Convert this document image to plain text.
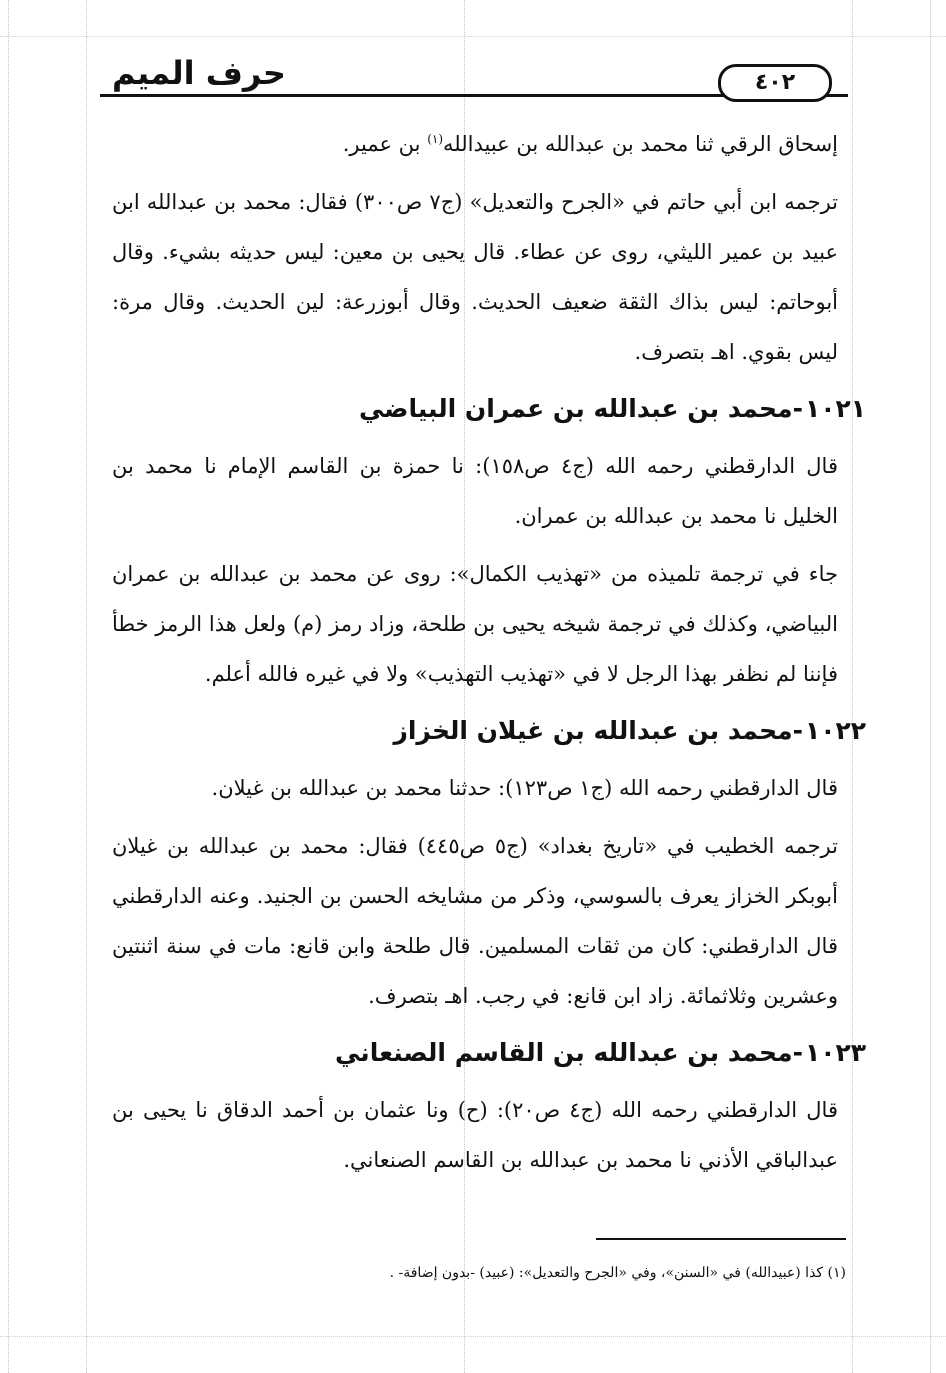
حرف الميم	٤٠٢

إسحاق الرقي ثنا محمد بن عبدالله بن عبيدالله$^{(١)}$ بن عمير.

ترجمه ابن أبي حاتم في «الجرح والتعديل» (ج٧ ص٣٠٠) فقال: محمد بن عبدالله ابن عبيد بن عمير الليثي، روى عن عطاء. قال يحيى بن معين: ليس حديثه بشيء. وقال أبوحاتم: ليس بذاك الثقة ضعيف الحديث. وقال أبوزرعة: لين الحديث. وقال مرة: ليس بقوي. اهـ بتصرف.

١٠٢١-محمد بن عبدالله بن عمران البياضي

قال الدارقطني رحمه الله (ج٤ ص١٥٨): نا حمزة بن القاسم الإمام نا محمد بن الخليل نا محمد بن عبدالله بن عمران.

جاء في ترجمة تلميذه من «تهذيب الكمال»: روى عن محمد بن عبدالله بن عمران البياضي، وكذلك في ترجمة شيخه يحيى بن طلحة، وزاد رمز (م) ولعل هذا الرمز خطأ فإننا لم نظفر بهذا الرجل لا في «تهذيب التهذيب» ولا في غيره فالله أعلم.

١٠٢٢-محمد بن عبدالله بن غيلان الخزاز

قال الدارقطني رحمه الله (ج١ ص١٢٣): حدثنا محمد بن عبدالله بن غيلان.

ترجمه الخطيب في «تاريخ بغداد» (ج٥ ص٤٤٥) فقال: محمد بن عبدالله بن غيلان أبوبكر الخزاز يعرف بالسوسي، وذكر من مشايخه الحسن بن الجنيد. وعنه الدارقطني قال الدارقطني: كان من ثقات المسلمين. قال طلحة وابن قانع: مات في سنة اثنتين وعشرين وثلاثمائة. زاد ابن قانع: في رجب. اهـ بتصرف.

١٠٢٣-محمد بن عبدالله بن القاسم الصنعاني

قال الدارقطني رحمه الله (ج٤ ص٢٠): (ح) ونا عثمان بن أحمد الدقاق نا يحيى بن عبدالباقي الأذني نا محمد بن عبدالله بن القاسم الصنعاني.

(١) كذا (عبيدالله) في «السنن»، وفي «الجرح والتعديل»: (عبيد) -بدون إضافة- .
